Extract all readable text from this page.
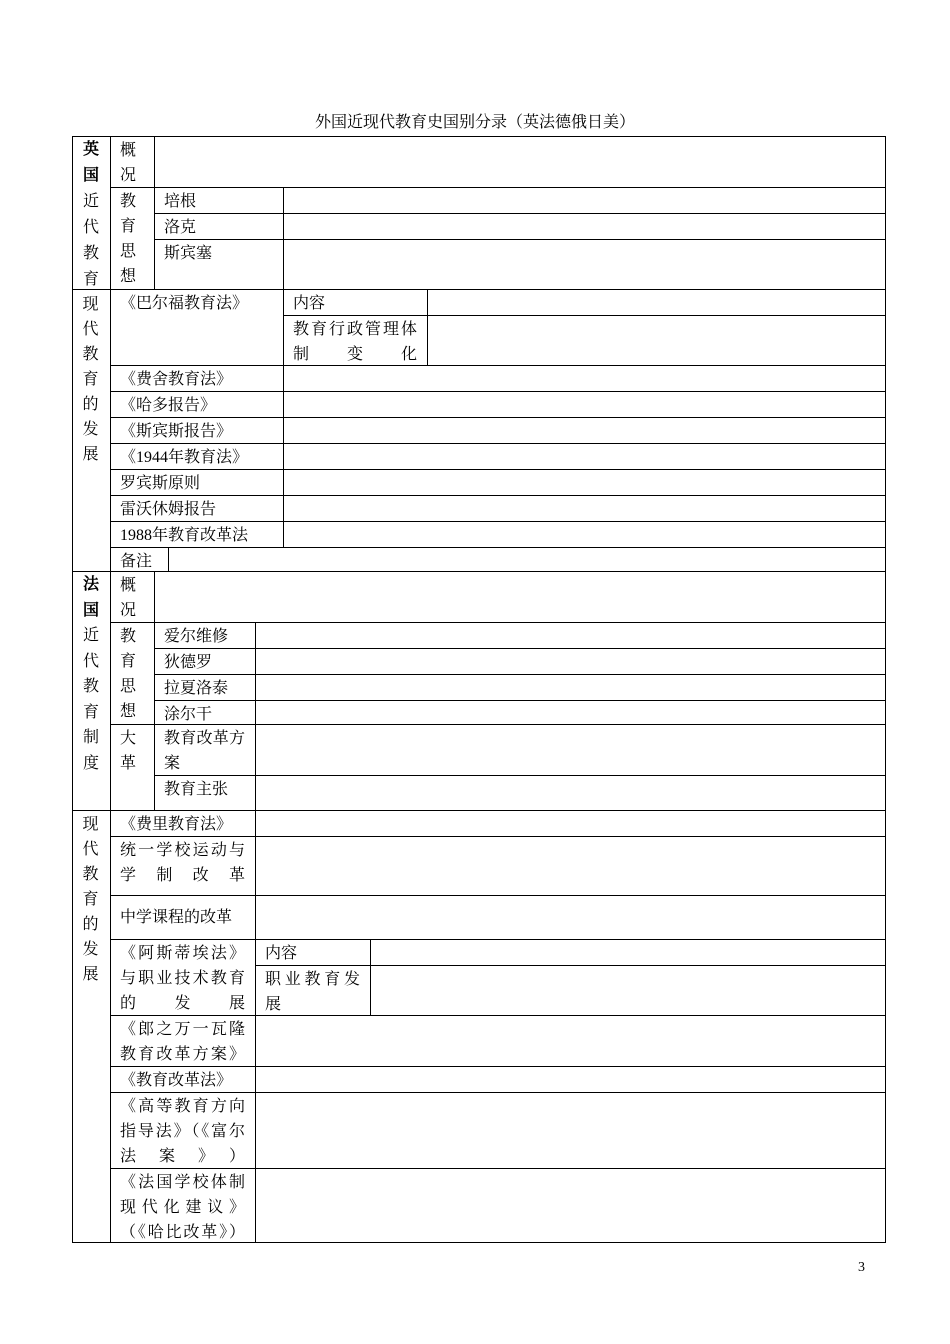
外国近现代教育史国别分录（英法德俄日美）
英国
近代教育
现代教育的发展
概况
教育思想
培根
洛克
斯宾塞
《巴尔福教育法》	内容
教育行政管理体制变化
《费舍教育法》
《哈多报告》
《斯宾斯报告》
《1944年教育法》
罗宾斯原则
雷沃休姆报告
1988年教育改革法
备注
法国
近代教育制度
现代教育的发展
概况
教育思想
爱尔维修
狄德罗
拉夏洛泰
涂尔干
大革
教育改革方案
教育主张
《费里教育法》
统一学校运动与学制改革
中学课程的改革
《阿斯蒂埃法》与职业技术教育的发展
内容
职业教育发展
《郎之万一瓦隆教育改革方案》
《教育改革法》
《高等教育方向指导法》（《富尔法案》）
《法国学校体制现代化建议》（《哈比改革》）
3
